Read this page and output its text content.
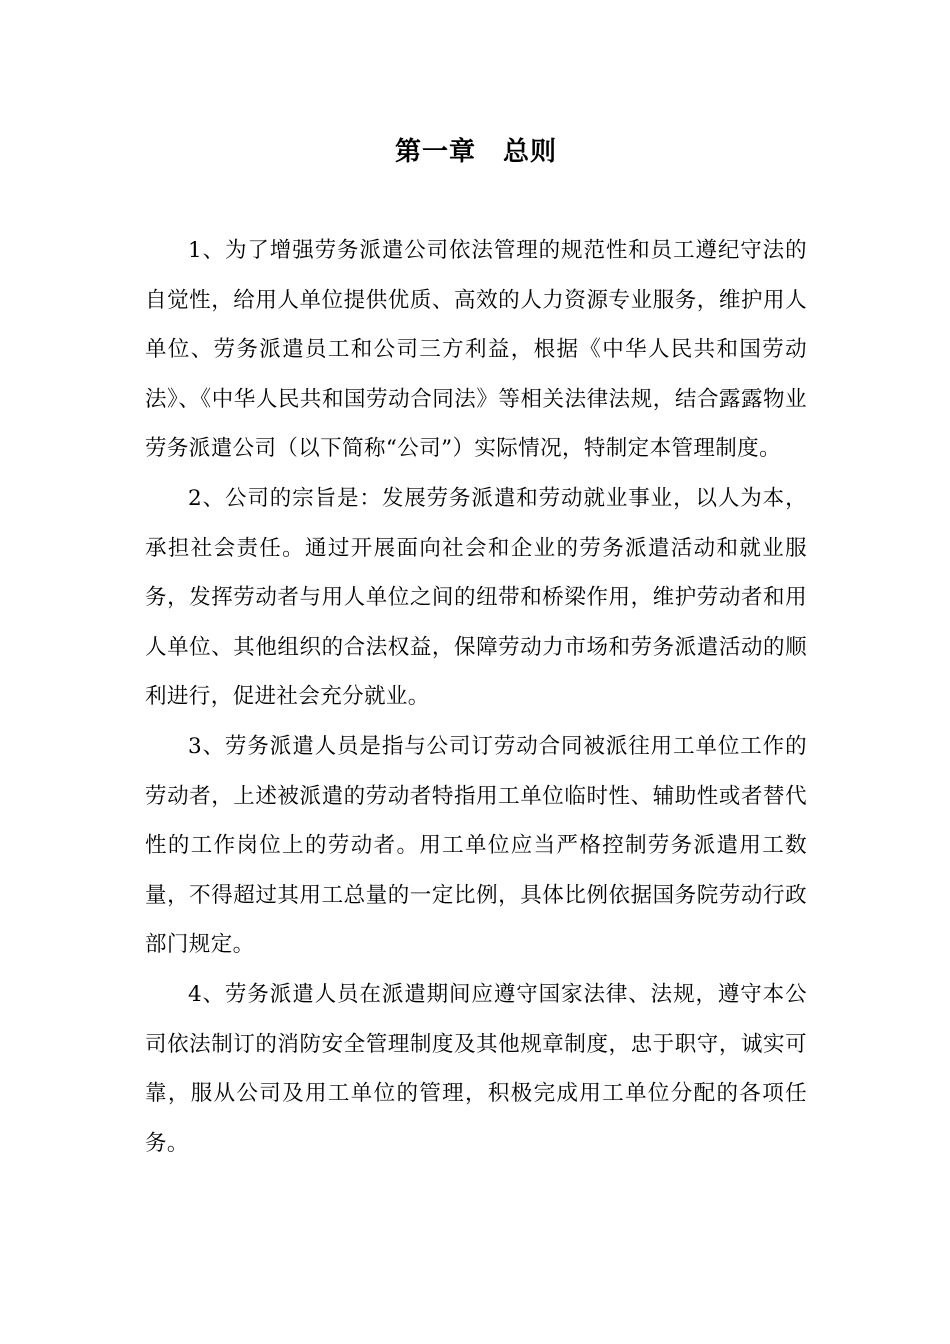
第一章　总则

1、为了增强劳务派遣公司依法管理的规范性和员工遵纪守法的自觉性，给用人单位提供优质、高效的人力资源专业服务，维护用人单位、劳务派遣员工和公司三方利益，根据《中华人民共和国劳动法》、《中华人民共和国劳动合同法》等相关法律法规，结合露露物业劳务派遣公司（以下简称“公司”）实际情况，特制定本管理制度。

2、公司的宗旨是：发展劳务派遣和劳动就业事业，以人为本，承担社会责任。通过开展面向社会和企业的劳务派遣活动和就业服务，发挥劳动者与用人单位之间的纽带和桥梁作用，维护劳动者和用人单位、其他组织的合法权益，保障劳动力市场和劳务派遣活动的顺利进行，促进社会充分就业。

3、劳务派遣人员是指与公司订劳动合同被派往用工单位工作的劳动者，上述被派遣的劳动者特指用工单位临时性、辅助性或者替代性的工作岗位上的劳动者。用工单位应当严格控制劳务派遣用工数量，不得超过其用工总量的一定比例，具体比例依据国务院劳动行政部门规定。

4、劳务派遣人员在派遣期间应遵守国家法律、法规，遵守本公司依法制订的消防安全管理制度及其他规章制度，忠于职守，诚实可靠，服从公司及用工单位的管理，积极完成用工单位分配的各项任务。
